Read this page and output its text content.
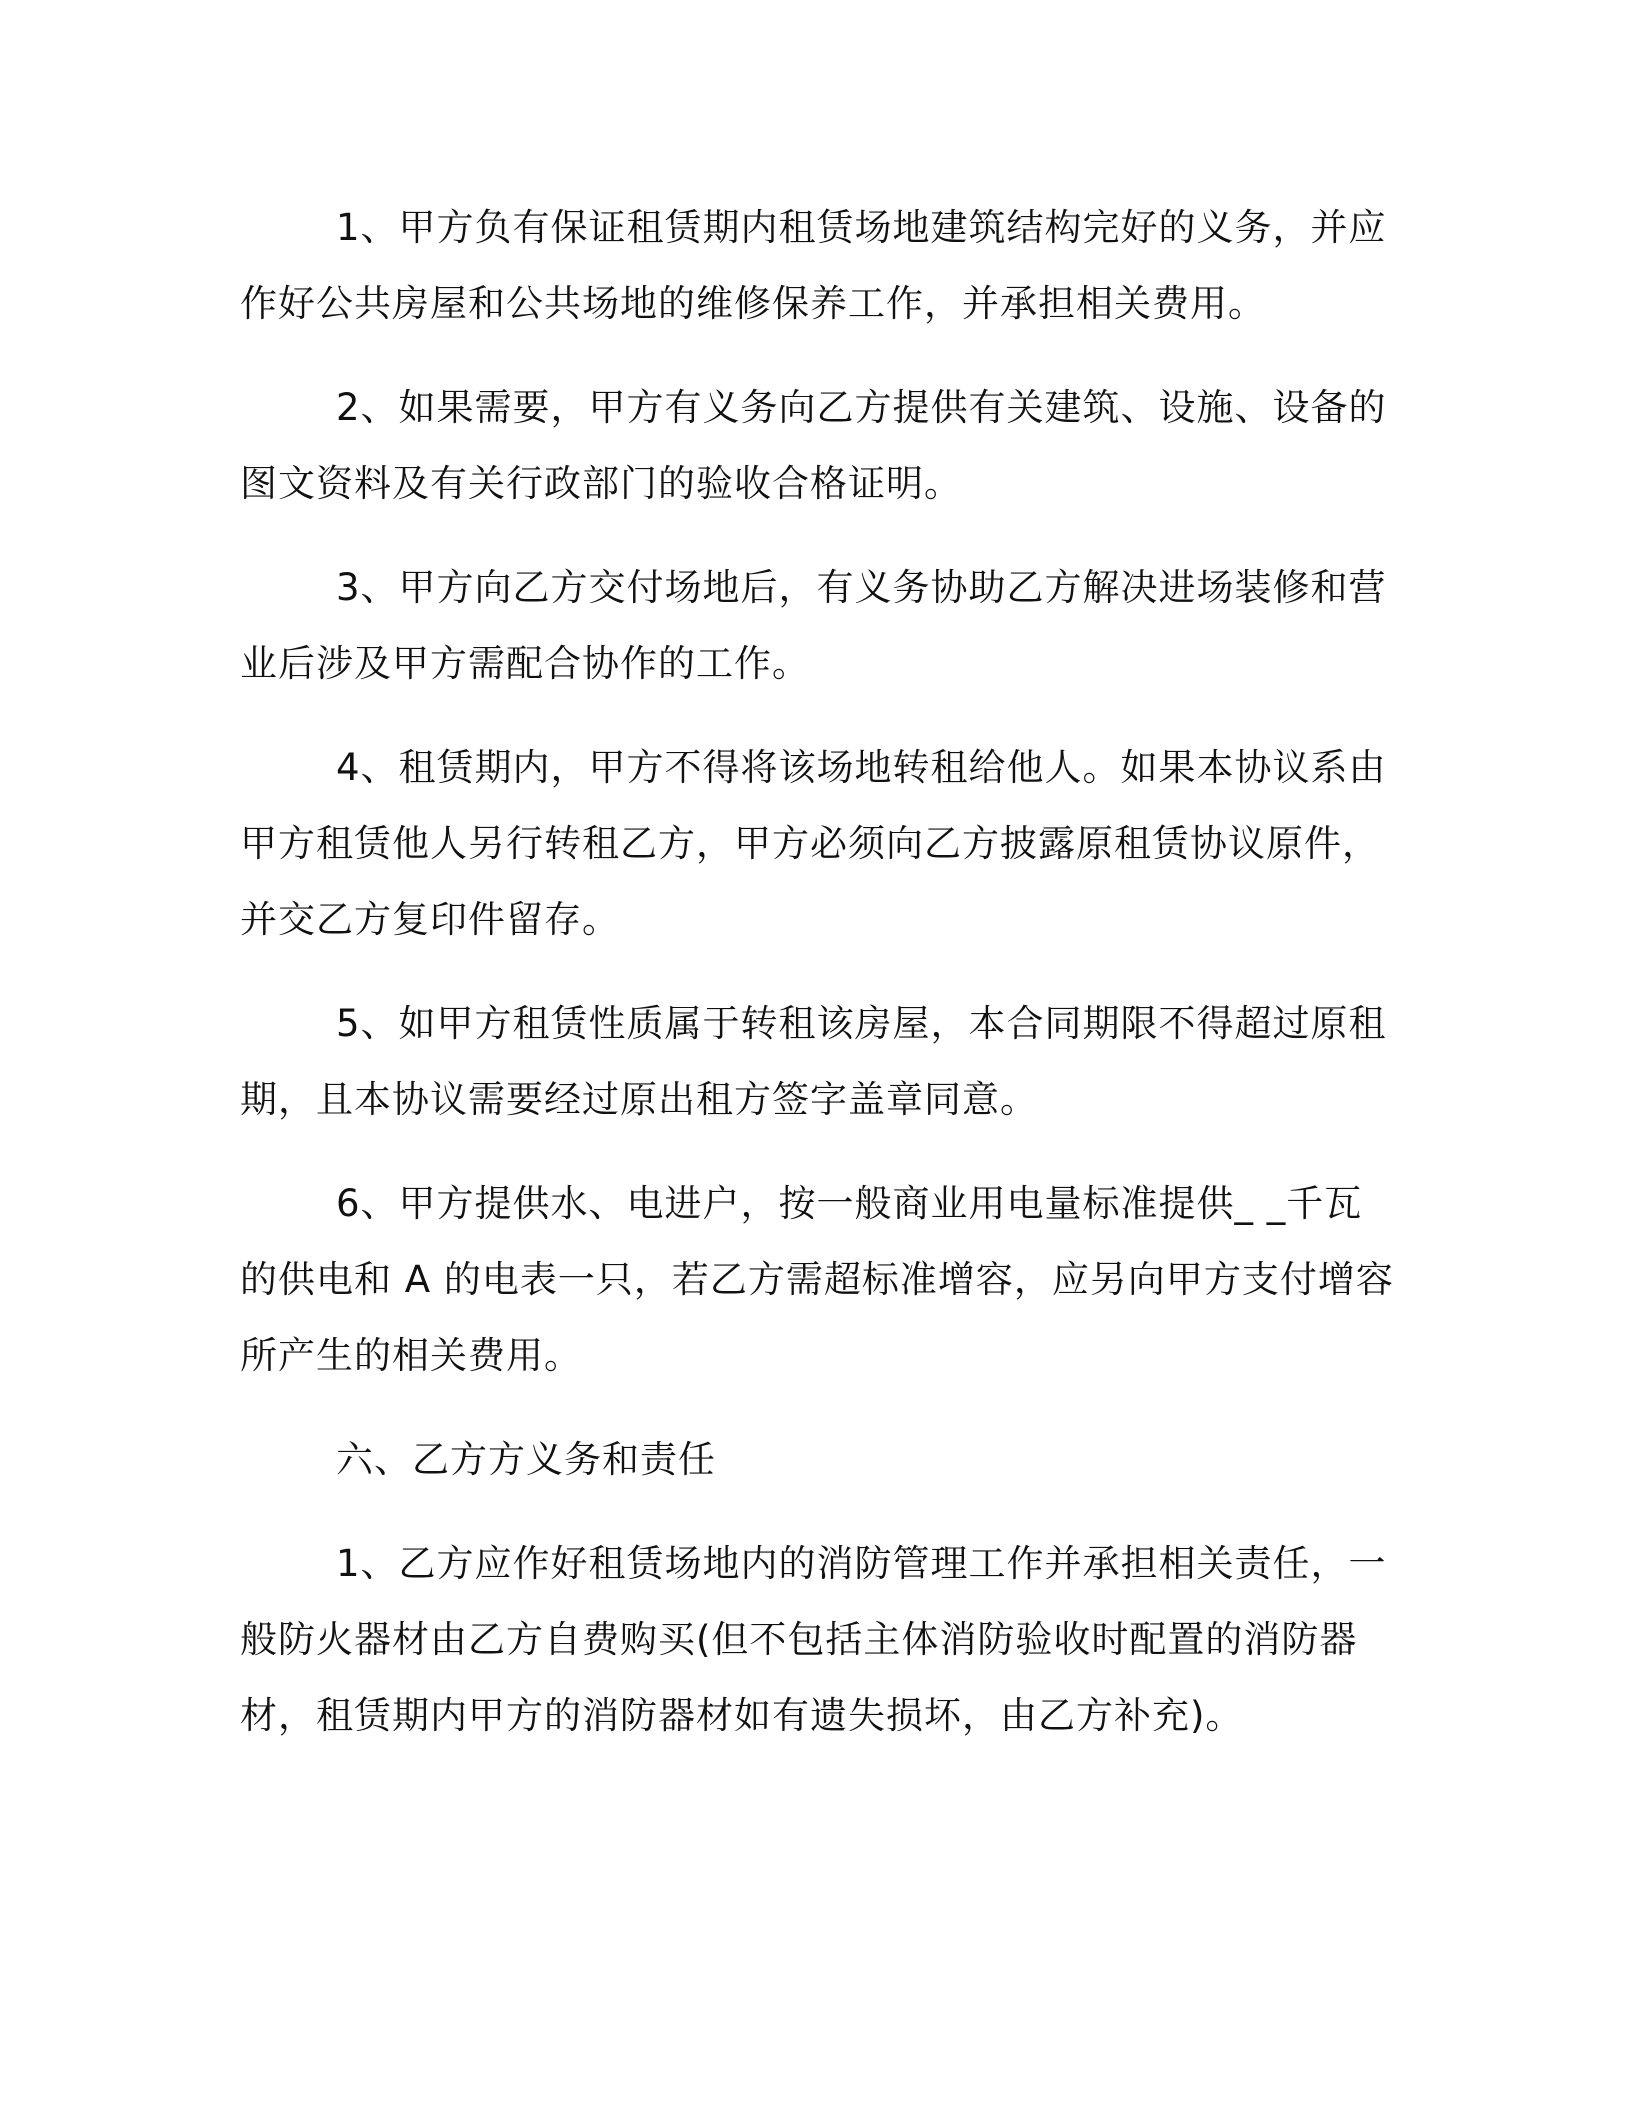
1、甲方负有保证租赁期内租赁场地建筑结构完好的义务，并应作好公共房屋和公共场地的维修保养工作，并承担相关费用。

2、如果需要，甲方有义务向乙方提供有关建筑、设施、设备的图文资料及有关行政部门的验收合格证明。

3、甲方向乙方交付场地后，有义务协助乙方解决进场装修和营业后涉及甲方需配合协作的工作。

4、租赁期内，甲方不得将该场地转租给他人。如果本协议系由甲方租赁他人另行转租乙方，甲方必须向乙方披露原租赁协议原件，并交乙方复印件留存。

5、如甲方租赁性质属于转租该房屋，本合同期限不得超过原租期，且本协议需要经过原出租方签字盖章同意。

6、甲方提供水、电进户，按一般商业用电量标准提供_ _千瓦的供电和 A 的电表一只，若乙方需超标准增容，应另向甲方支付增容所产生的相关费用。

六、乙方方义务和责任

1、乙方应作好租赁场地内的消防管理工作并承担相关责任，一般防火器材由乙方自费购买(但不包括主体消防验收时配置的消防器材，租赁期内甲方的消防器材如有遗失损坏，由乙方补充)。
